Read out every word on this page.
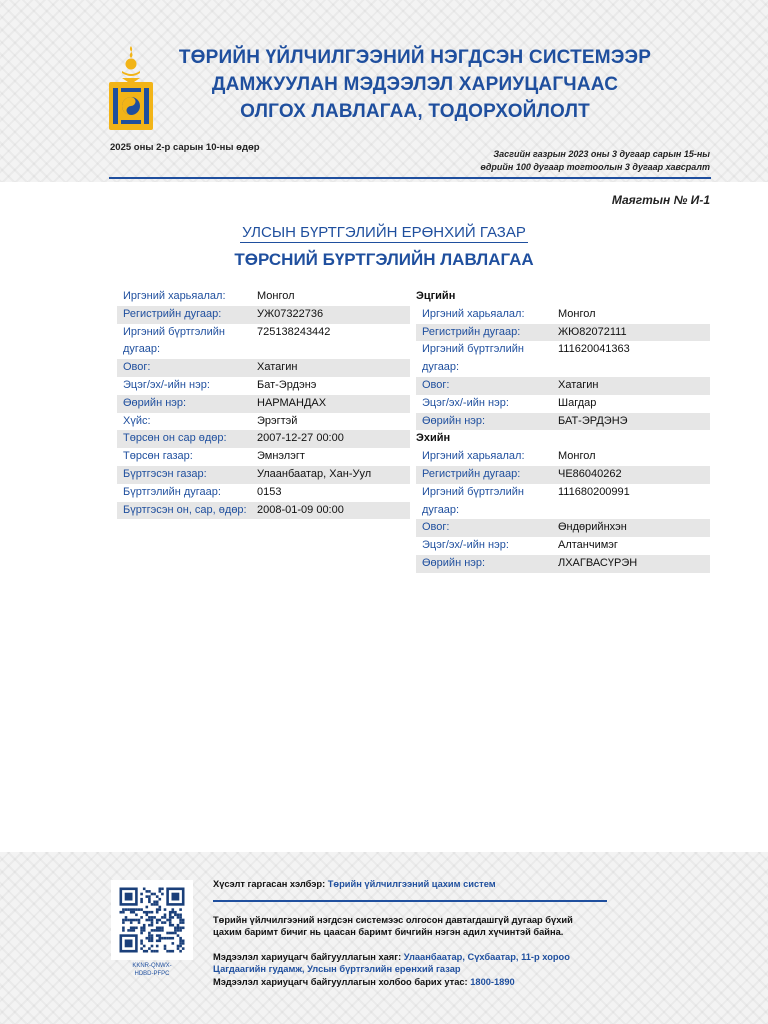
ТӨРИЙН ҮЙЛЧИЛГЭЭНИЙ НЭГДСЭН СИСТЕМЭЭР
ДАМЖУУЛАН МЭДЭЭЛЭЛ ХАРИУЦАГЧААС
ОЛГОХ ЛАВЛАГАА, ТОДОРХОЙЛОЛТ
2025 оны 2-р сарын 10-ны өдөр
Засгийн газрын 2023 оны 3 дугаар сарын 15-ны
өдрийн 100 дугаар тогтоолын 3 дугаар хавсралт
Маягтын № И-1
УЛСЫН БҮРТГЭЛИЙН ЕРӨНХИЙ ГАЗАР
ТӨРСНИЙ БҮРТГЭЛИЙН ЛАВЛАГАА
Иргэний харьяалал:	Монгол
Регистрийн дугаар:	УЖ07322736
Иргэний бүртгэлийн дугаар:
725138243442
Овог:	Хатагин
Эцэг/эх/-ийн нэр:	Бат-Эрдэнэ
Өөрийн нэр:	НАРМАНДАХ
Хүйс:	Эрэгтэй
Төрсөн он сар өдөр:	2007-12-27 00:00
Төрсөн газар:	Эмнэлэгт
Бүртгэсэн газар:	Улаанбаатар, Хан-Уул
Бүртгэлийн дугаар:	0153
Бүртгэсэн он, сар, өдөр: 2008-01-09 00:00
Эцгийн
Иргэний харьяалал:	Монгол
Регистрийн дугаар:	ЖЮ82072111
Иргэний бүртгэлийн дугаар:
111620041363
Овог:	Хатагин
Эцэг/эх/-ийн нэр:	Шагдар
Өөрийн нэр:	БАТ-ЭРДЭНЭ
Эхийн
Иргэний харьяалал:	Монгол
Регистрийн дугаар:	ЧЕ86040262
Иргэний бүртгэлийн дугаар:
111680200991
Овог:	Өндөрийнхэн
Эцэг/эх/-ийн нэр:	Алтанчимэг
Өөрийн нэр:	ЛХАГВАСҮРЭН
KKNR-QNWX-
HDBD-PFPC

Хүсэлт гаргасан хэлбэр: Төрийн үйлчилгээний цахим систем

Төрийн үйлчилгээний нэгдсэн системээс олгосон давтагдашгүй дугаар бүхий

цахим баримт бичиг нь цаасан баримт бичгийн нэгэн адил хүчинтэй байна.

Мэдээлэл хариуцагч байгууллагын хаяг: Улаанбаатар, Сүхбаатар, 11-р хороо

Цагдаагийн гудамж, Улсын бүртгэлийн ерөнхий газар

Мэдээлэл хариуцагч байгууллагын холбоо барих утас: 1800-1890
